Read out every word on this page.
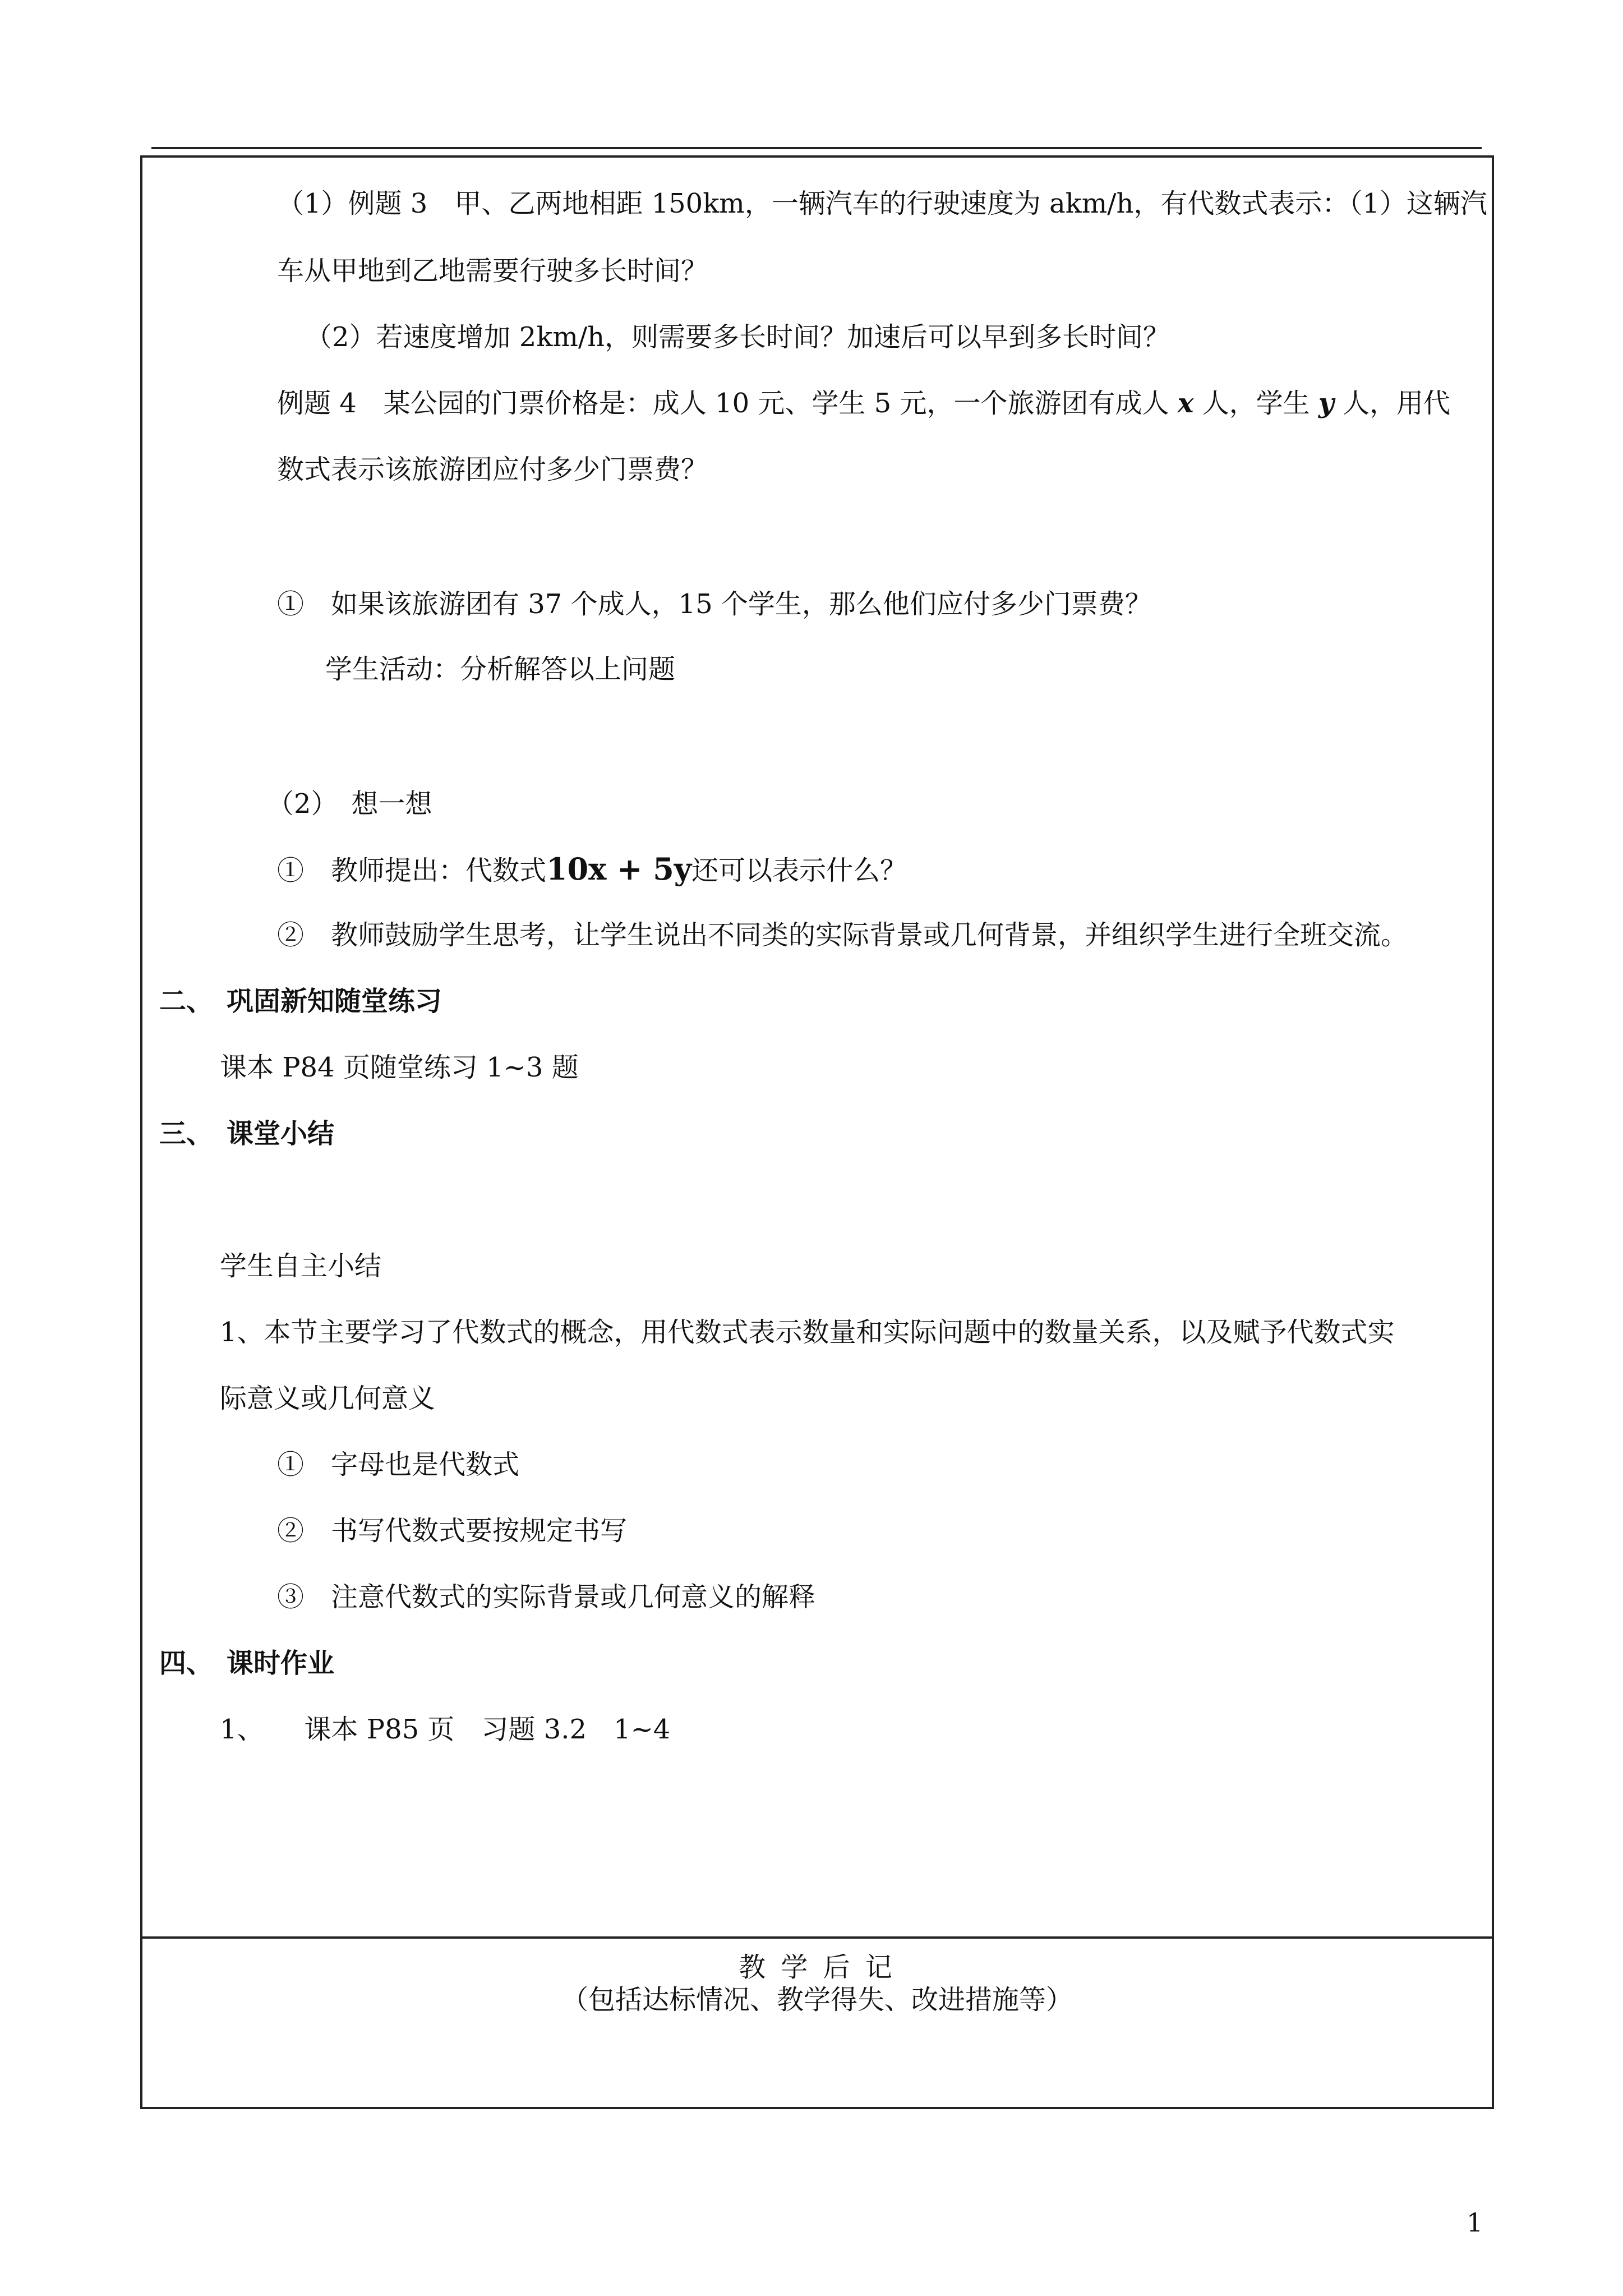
（1）例题 3　甲、乙两地相距 150km，一辆汽车的行驶速度为 akm/h，有代数式表示：（1）这辆汽
车从甲地到乙地需要行驶多长时间？
（2）若速度增加 2km/h，则需要多长时间？加速后可以早到多长时间？
例题 4　某公园的门票价格是：成人 10 元、学生 5 元，一个旅游团有成人 x 人，学生 y 人，用代
数式表示该旅游团应付多少门票费？
①　如果该旅游团有 37 个成人，15 个学生，那么他们应付多少门票费？
学生活动：分析解答以上问题
（2）　想一想
①　教师提出：代数式10x + 5y还可以表示什么？
②　教师鼓励学生思考，让学生说出不同类的实际背景或几何背景，并组织学生进行全班交流。
二、　巩固新知随堂练习
课本 P84 页随堂练习 1~3 题
三、　课堂小结
学生自主小结
1、本节主要学习了代数式的概念，用代数式表示数量和实际问题中的数量关系，以及赋予代数式实
际意义或几何意义
①　字母也是代数式
②　书写代数式要按规定书写
③　注意代数式的实际背景或几何意义的解释
四、　课时作业
1、　　课本 P85 页　习题 3.2　1~4
教 学 后 记
（包括达标情况、教学得失、改进措施等）
1
